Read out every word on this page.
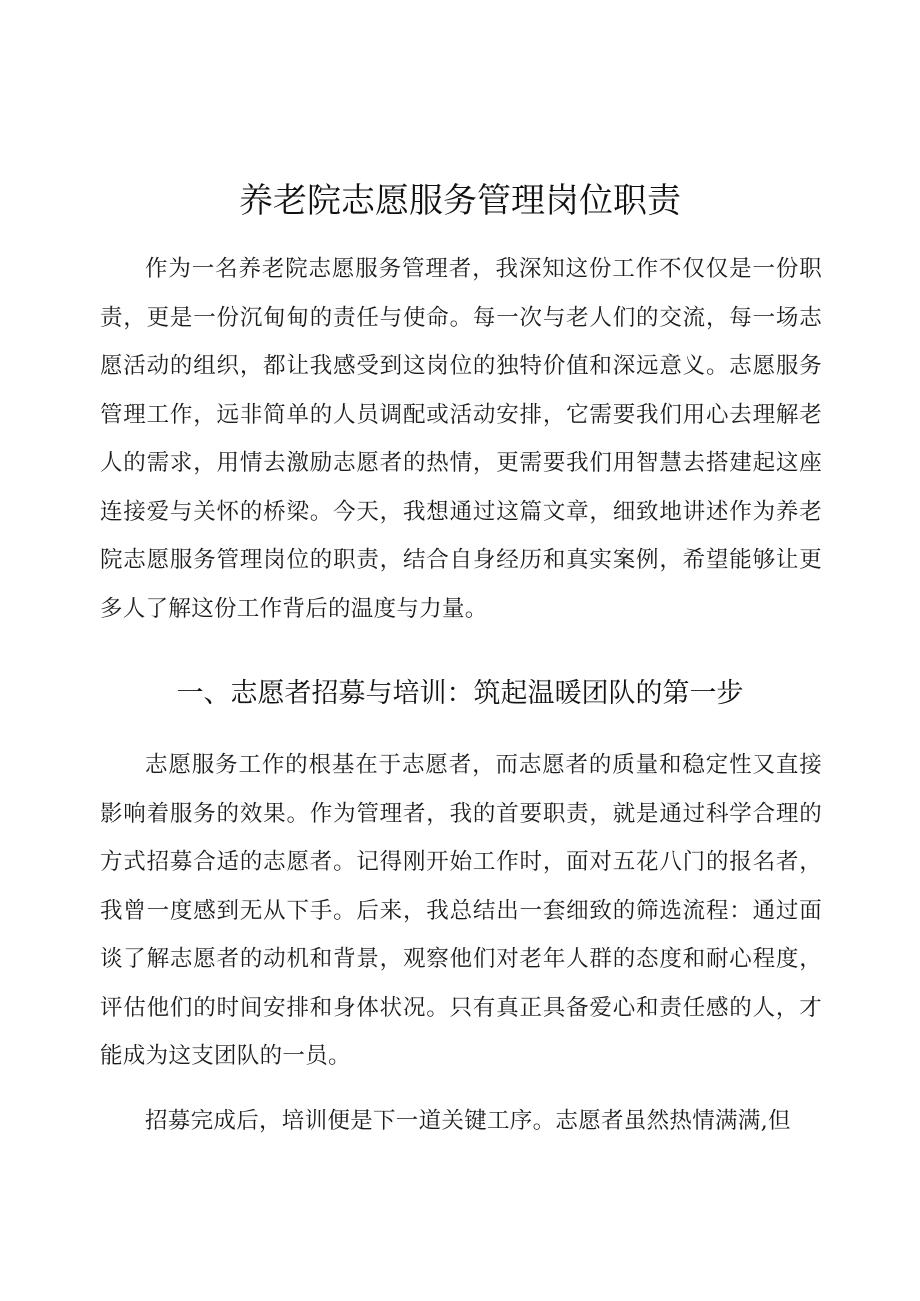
养老院志愿服务管理岗位职责

作为一名养老院志愿服务管理者，我深知这份工作不仅仅是一份职责，更是一份沉甸甸的责任与使命。每一次与老人们的交流，每一场志愿活动的组织，都让我感受到这岗位的独特价值和深远意义。志愿服务管理工作，远非简单的人员调配或活动安排，它需要我们用心去理解老人的需求，用情去激励志愿者的热情，更需要我们用智慧去搭建起这座连接爱与关怀的桥梁。今天，我想通过这篇文章，细致地讲述作为养老院志愿服务管理岗位的职责，结合自身经历和真实案例，希望能够让更多人了解这份工作背后的温度与力量。

一、志愿者招募与培训：筑起温暖团队的第一步

志愿服务工作的根基在于志愿者，而志愿者的质量和稳定性又直接影响着服务的效果。作为管理者，我的首要职责，就是通过科学合理的方式招募合适的志愿者。记得刚开始工作时，面对五花八门的报名者，我曾一度感到无从下手。后来，我总结出一套细致的筛选流程：通过面谈了解志愿者的动机和背景，观察他们对老年人群的态度和耐心程度，评估他们的时间安排和身体状况。只有真正具备爱心和责任感的人，才能成为这支团队的一员。

招募完成后，培训便是下一道关键工序。志愿者虽然热情满满,但
